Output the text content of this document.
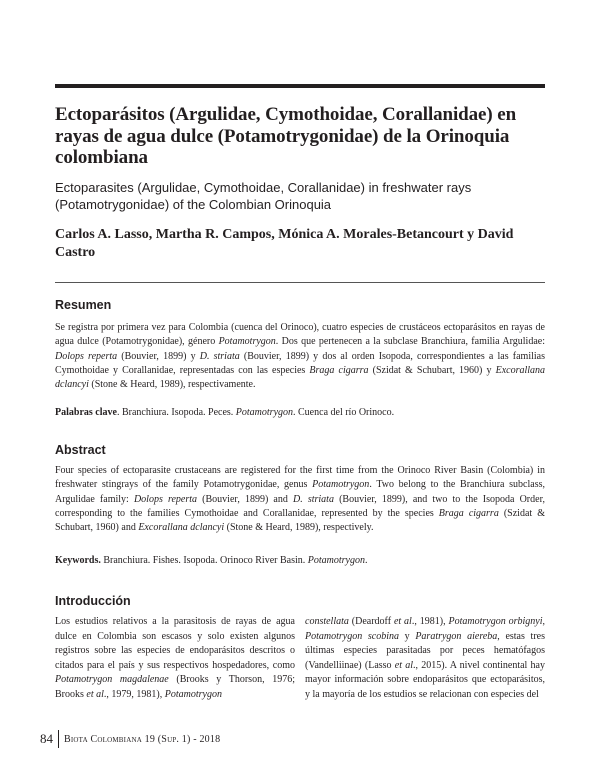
Ectoparásitos (Argulidae, Cymothoidae, Corallanidae) en rayas de agua dulce (Potamotrygonidae) de la Orinoquia colombiana

Ectoparasites (Argulidae, Cymothoidae, Corallanidae) in freshwater rays (Potamotrygonidae) of the Colombian Orinoquia

Carlos A. Lasso, Martha R. Campos, Mónica A. Morales-Betancourt y David Castro

Resumen

Se registra por primera vez para Colombia (cuenca del Orinoco), cuatro especies de crustáceos ectoparásitos en rayas de agua dulce (Potamotrygonidae), género Potamotrygon. Dos que pertenecen a la subclase Branchiura, familia Argulidae: Dolops reperta (Bouvier, 1899) y D. striata (Bouvier, 1899) y dos al orden Isopoda, correspondientes a las familias Cymothoidae y Corallanidae, representadas con las especies Braga cigarra (Szidat & Schubart, 1960) y Excorallana dclancyi (Stone & Heard, 1989), respectivamente.

Palabras clave. Branchiura. Isopoda. Peces. Potamotrygon. Cuenca del río Orinoco.

Abstract

Four species of ectoparasite crustaceans are registered for the first time from the Orinoco River Basin (Colombia) in freshwater stingrays of the family Potamotrygonidae, genus Potamotrygon. Two belong to the Branchiura subclass, Argulidae family: Dolops reperta (Bouvier, 1899) and D. striata (Bouvier, 1899), and two to the Isopoda Order, corresponding to the families Cymothoidae and Corallanidae, represented by the species Braga cigarra (Szidat & Schubart, 1960) and Excorallana dclancyi (Stone & Heard, 1989), respectively.

Keywords. Branchiura. Fishes. Isopoda. Orinoco River Basin. Potamotrygon.

Introducción

Los estudios relativos a la parasitosis de rayas de agua dulce en Colombia son escasos y solo existen algunos registros sobre las especies de endoparásitos descritos o citados para el país y sus respectivos hospedadores, como Potamotrygon magdalenae (Brooks y Thorson, 1976; Brooks et al., 1979, 1981), Potamotrygon

constellata (Deardoff et al., 1981), Potamotrygon orbignyi, Potamotrygon scobina y Paratrygon aiereba, estas tres últimas especies parasitadas por peces hematófagos (Vandelliinae) (Lasso et al., 2015). A nivel continental hay mayor información sobre endoparásitos que ectoparásitos, y la mayoría de los estudios se relacionan con especies del

84	Biota Colombiana 19 (Sup. 1) - 2018
